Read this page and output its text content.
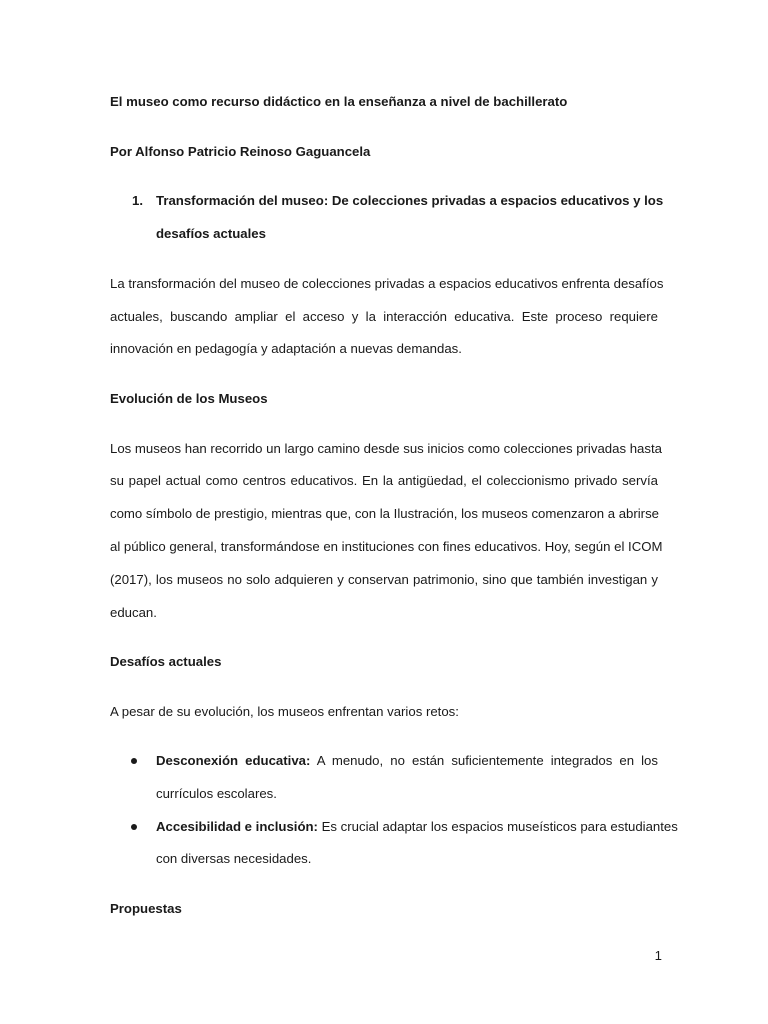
El museo como recurso didáctico en la enseñanza a nivel de bachillerato
Por Alfonso Patricio Reinoso Gaguancela
1. Transformación del museo: De colecciones privadas a espacios educativos y los
desafíos actuales
La transformación del museo de colecciones privadas a espacios educativos enfrenta desafíos
actuales, buscando ampliar el acceso y la interacción educativa. Este proceso requiere
innovación en pedagogía y adaptación a nuevas demandas.
Evolución de los Museos
Los museos han recorrido un largo camino desde sus inicios como colecciones privadas hasta
su papel actual como centros educativos. En la antigüedad, el coleccionismo privado servía
como símbolo de prestigio, mientras que, con la Ilustración, los museos comenzaron a abrirse
al público general, transformándose en instituciones con fines educativos. Hoy, según el ICOM
(2017), los museos no solo adquieren y conservan patrimonio, sino que también investigan y
educan.
Desafíos actuales
A pesar de su evolución, los museos enfrentan varios retos:
Desconexión educativa: A menudo, no están suficientemente integrados en los
currículos escolares.
Accesibilidad e inclusión: Es crucial adaptar los espacios museísticos para estudiantes
con diversas necesidades.
Propuestas
1
